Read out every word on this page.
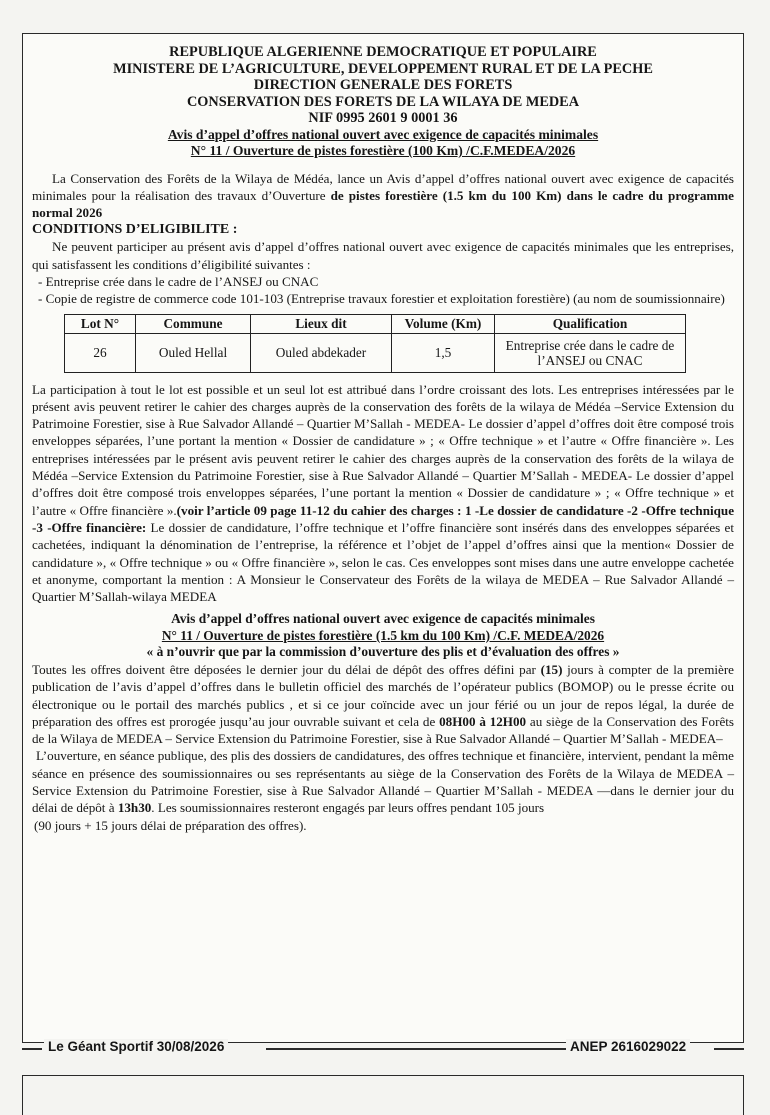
REPUBLIQUE ALGERIENNE DEMOCRATIQUE ET POPULAIRE
MINISTERE DE L’AGRICULTURE, DEVELOPPEMENT RURAL ET DE LA PECHE
DIRECTION GENERALE DES FORETS
CONSERVATION DES FORETS DE LA WILAYA DE MEDEA
NIF 0995 2601 9 0001 36
Avis d’appel d’offres national ouvert avec exigence de capacités minimales
N° 11 / Ouverture de pistes forestière (100 Km) /C.F.MEDEA/2026

La Conservation des Forêts de la Wilaya de Médéa, lance un Avis d’appel d’offres national ouvert avec exigence de capacités minimales pour la réalisation des travaux d’Ouverture de pistes forestière (1.5 km du 100 Km) dans le cadre du programme normal 2026

CONDITIONS D’ELIGIBILITE :

Ne peuvent participer au présent avis d’appel d’offres national ouvert avec exigence de capacités minimales que les entreprises, qui satisfassent les conditions d’éligibilité suivantes :

- Entreprise crée dans le cadre de l’ANSEJ ou CNAC
- Copie de registre de commerce code 101-103 (Entreprise travaux forestier et exploitation forestière) (au nom de soumissionnaire)
Lot N°	Commune	Lieux dit	Volume (Km)	Qualification
26	Ouled Hellal	Ouled abdekader	1,5	Entreprise crée dans le cadre de l’ANSEJ ou CNAC

La participation à tout le lot est possible et un seul lot est attribué dans l’ordre croissant des lots. Les entreprises intéressées par le présent avis peuvent retirer le cahier des charges auprès de la conservation des forêts de la wilaya de Médéa –Service Extension du Patrimoine Forestier, sise à Rue Salvador Allandé – Quartier M’Sallah - MEDEA- Le dossier d’appel d’offres doit être composé trois enveloppes séparées, l’une portant la mention « Dossier de candidature » ; « Offre technique » et l’autre « Offre financière ». Les entreprises intéressées par le présent avis peuvent retirer le cahier des charges auprès de la conservation des forêts de la wilaya de Médéa –Service Extension du Patrimoine Forestier, sise à Rue Salvador Allandé – Quartier M’Sallah - MEDEA- Le dossier d’appel d’offres doit être composé trois enveloppes séparées, l’une portant la mention « Dossier de candidature » ; « Offre technique » et l’autre « Offre financière ».(voir l’article 09 page 11-12 du cahier des charges : 1 -Le dossier de candidature -2 -Offre technique -3 -Offre financière: Le dossier de candidature, l’offre technique et l’offre financière sont insérés dans des enveloppes séparées et cachetées, indiquant la dénomination de l’entreprise, la référence et l’objet de l’appel d’offres ainsi que la mention« Dossier de candidature », « Offre technique » ou « Offre financière », selon le cas. Ces enveloppes sont mises dans une autre enveloppe cachetée et anonyme, comportant la mention : A Monsieur le Conservateur des Forêts de la wilaya de MEDEA – Rue Salvador Allandé – Quartier M’Sallah-wilaya MEDEA

Avis d’appel d’offres national ouvert avec exigence de capacités minimales
N° 11 / Ouverture de pistes forestière (1.5 km du 100 Km) /C.F. MEDEA/2026
« à n’ouvrir que par la commission d’ouverture des plis et d’évaluation des offres »

Toutes les offres doivent être déposées le dernier jour du délai de dépôt des offres défini par (15) jours à compter de la première publication de l’avis d’appel d’offres dans le bulletin officiel des marchés de l’opérateur publics (BOMOP) ou le presse écrite ou électronique ou le portail des marchés publics , et si ce jour coïncide avec un jour férié ou un jour de repos légal, la durée de préparation des offres est prorogée jusqu’au jour ouvrable suivant et cela de 08H00 à 12H00 au siège de la Conservation des Forêts de la Wilaya de MEDEA – Service Extension du Patrimoine Forestier, sise à Rue Salvador Allandé – Quartier M’Sallah - MEDEA–

L’ouverture, en séance publique, des plis des dossiers de candidatures, des offres technique et financière, intervient, pendant la même séance en présence des soumissionnaires ou ses représentants au siège de la Conservation des Forêts de la Wilaya de MEDEA – Service Extension du Patrimoine Forestier, sise à Rue Salvador Allandé – Quartier M’Sallah - MEDEA —dans le dernier jour du délai de dépôt à 13h30. Les soumissionnaires resteront engagés par leurs offres pendant 105 jours

(90 jours + 15 jours délai de préparation des offres).
Le Géant Sportif 30/08/2026	ANEP 2616029022
